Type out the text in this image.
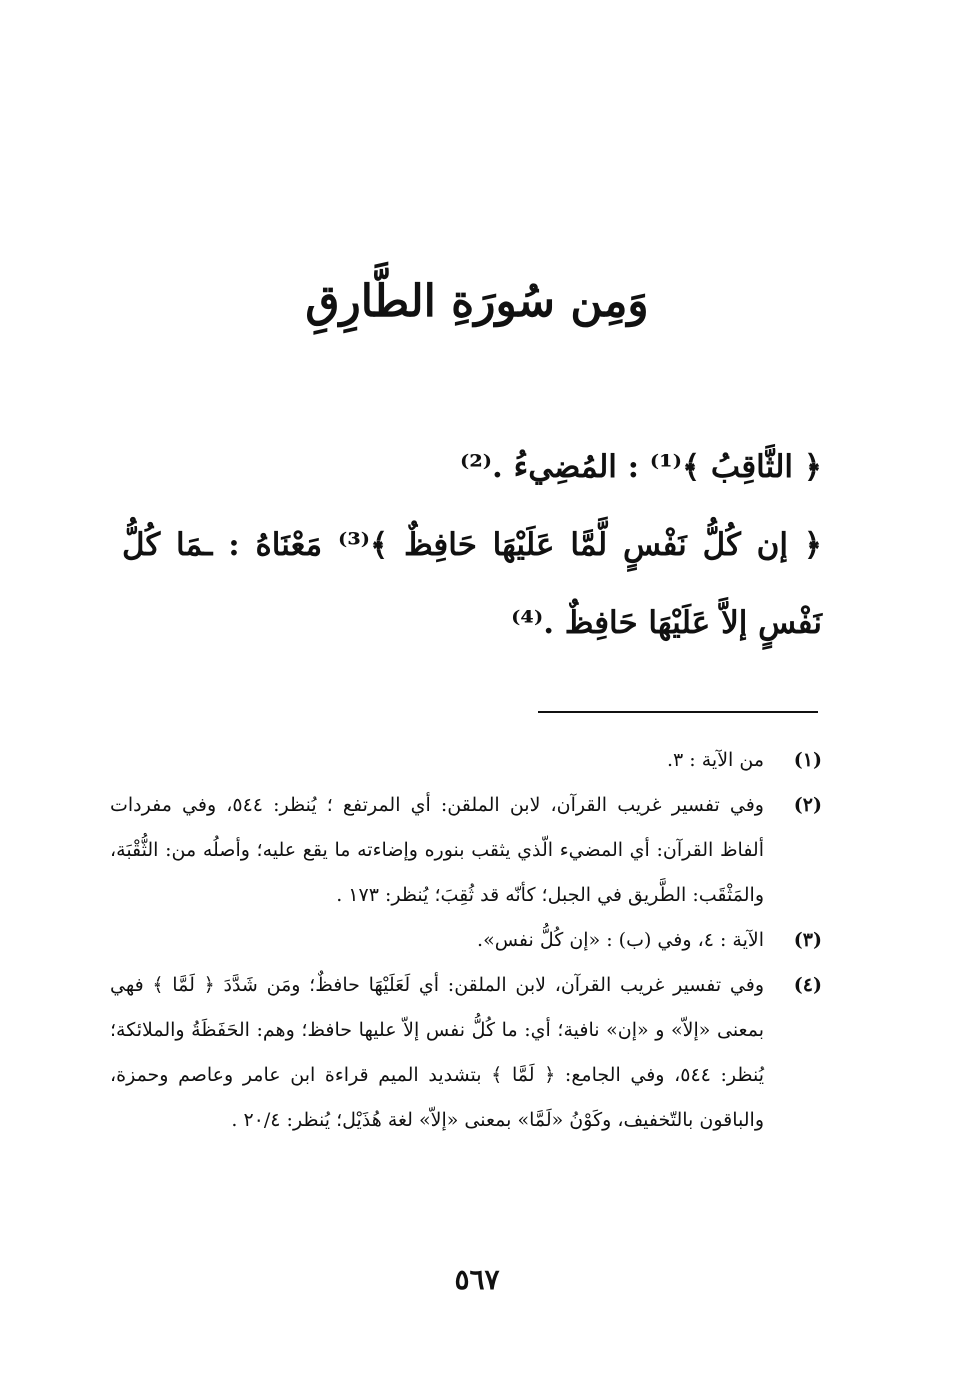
وَمِن سُورَةِ الطَّارِقِ

﴿ الثَّاقِبُ ﴾⁽¹⁾ : المُضِيءُ .⁽²⁾

﴿ إن كُلُّ نَفْسٍ لَّمَّا عَلَيْهَا حَافِظٌ ﴾⁽³⁾ مَعْنَاهُ : ـمَا كُلُّ نَفْسٍ إلاَّ عَلَيْهَا حَافِظٌ .⁽⁴⁾

(١)
من الآية : ٣.
(٢)
وفي تفسير غريب القرآن، لابن الملقن: أي المرتفع ؛ يُنظر: ٥٤٤، وفي مفردات ألفاظ القرآن: أي المضيء الّذي يثقب بنوره وإضاءته ما يقع عليه؛ وأصلُه من: الثُّقْبَة، والمَثْقَب: الطَّريق في الجبل؛ كأنّه قد ثُقِبَ؛ يُنظر: ١٧٣ .
(٣)
الآية : ٤، وفي (ب) : «إن كُلُّ نفس».
(٤)
وفي تفسير غريب القرآن، لابن الملقن: أي لَعَلَيْهَا حافظٌ؛ ومَن شَدَّدَ ﴿ لَمَّا ﴾ فهي بمعنى «إلاّ» و «إن» نافية؛ أي: ما كُلُّ نفس إلاّ عليها حافظ؛ وهم: الحَفَظَةُ والملائكة؛ يُنظر: ٥٤٤، وفي الجامع: ﴿ لَمَّا ﴾ بتشديد الميم قراءة ابن عامر وعاصم وحمزة، والباقون بالتّخفيف، وكَوْنُ «لَمَّا» بمعنى «إلاّ» لغة هُذَيْل؛ يُنظر: ٢٠/٤ .
٥٦٧
